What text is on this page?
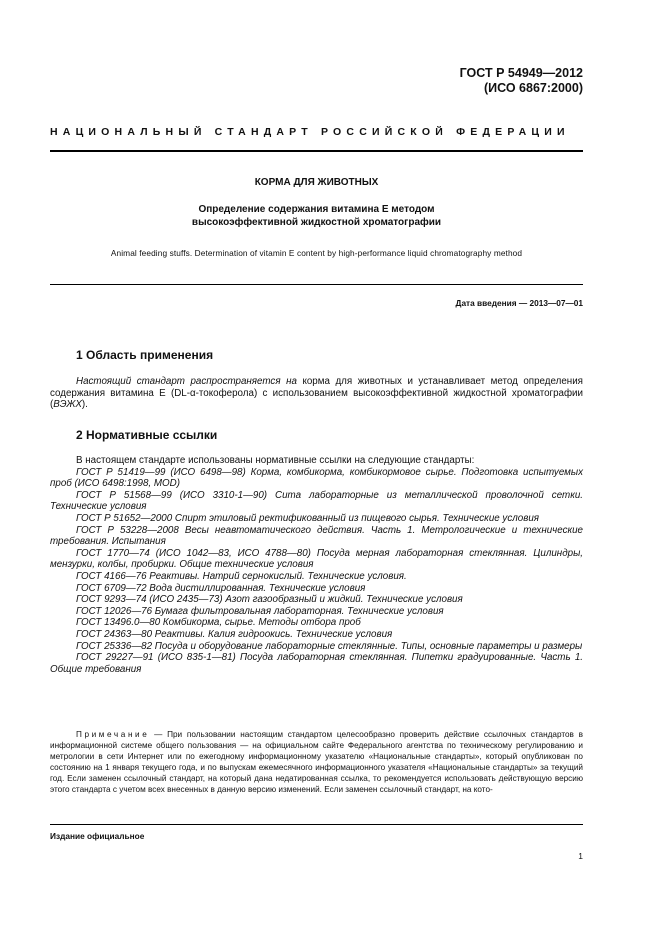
ГОСТ Р 54949—2012
(ИСО 6867:2000)
НАЦИОНАЛЬНЫЙ СТАНДАРТ РОССИЙСКОЙ ФЕДЕРАЦИИ
КОРМА ДЛЯ ЖИВОТНЫХ
Определение содержания витамина Е методом
высокоэффективной жидкостной хроматографии
Animal feeding stuffs. Determination of vitamin E content by high-performance liquid chromatography method
Дата введения — 2013—07—01
1 Область применения

Настоящий стандарт распространяется на корма для животных и устанавливает метод определения содержания витамина Е (DL-α-токоферола) с использованием высокоэффективной жидкостной хроматографии (ВЭЖХ).

2 Нормативные ссылки

В настоящем стандарте использованы нормативные ссылки на следующие стандарты:

ГОСТ Р 51419—99 (ИСО 6498—98) Корма, комбикорма, комбикормовое сырье. Подготовка испытуемых проб (ИСО 6498:1998, MOD)

ГОСТ Р 51568—99 (ИСО 3310-1—90) Сита лабораторные из металлической проволочной сетки. Технические условия

ГОСТ Р 51652—2000 Спирт этиловый ректификованный из пищевого сырья. Технические условия

ГОСТ Р 53228—2008 Весы неавтоматического действия. Часть 1. Метрологические и технические требования. Испытания

ГОСТ 1770—74 (ИСО 1042—83, ИСО 4788—80) Посуда мерная лабораторная стеклянная. Цилиндры, мензурки, колбы, пробирки. Общие технические условия

ГОСТ 4166—76 Реактивы. Натрий сернокислый. Технические условия.

ГОСТ 6709—72 Вода дистиллированная. Технические условия

ГОСТ 9293—74 (ИСО 2435—73) Азот газообразный и жидкий. Технические условия

ГОСТ 12026—76 Бумага фильтровальная лабораторная. Технические условия

ГОСТ 13496.0—80 Комбикорма, сырье. Методы отбора проб

ГОСТ 24363—80 Реактивы. Калия гидроокись. Технические условия

ГОСТ 25336—82 Посуда и оборудование лабораторные стеклянные. Типы, основные параметры и размеры

ГОСТ 29227—91 (ИСО 835-1—81) Посуда лабораторная стеклянная. Пипетки градуированные. Часть 1. Общие требования

Примечание — При пользовании настоящим стандартом целесообразно проверить действие ссылочных стандартов в информационной системе общего пользования — на официальном сайте Федерального агентства по техническому регулированию и метрологии в сети Интернет или по ежегодному информационному указателю «Национальные стандарты», который опубликован по состоянию на 1 января текущего года, и по выпускам ежемесячного информационного указателя «Национальные стандарты» за текущий год. Если заменен ссылочный стандарт, на который дана недатированная ссылка, то рекомендуется использовать действующую версию этого стандарта с учетом всех внесенных в данную версию изменений. Если заменен ссылочный стандарт, на кото-

Издание официальное
1
